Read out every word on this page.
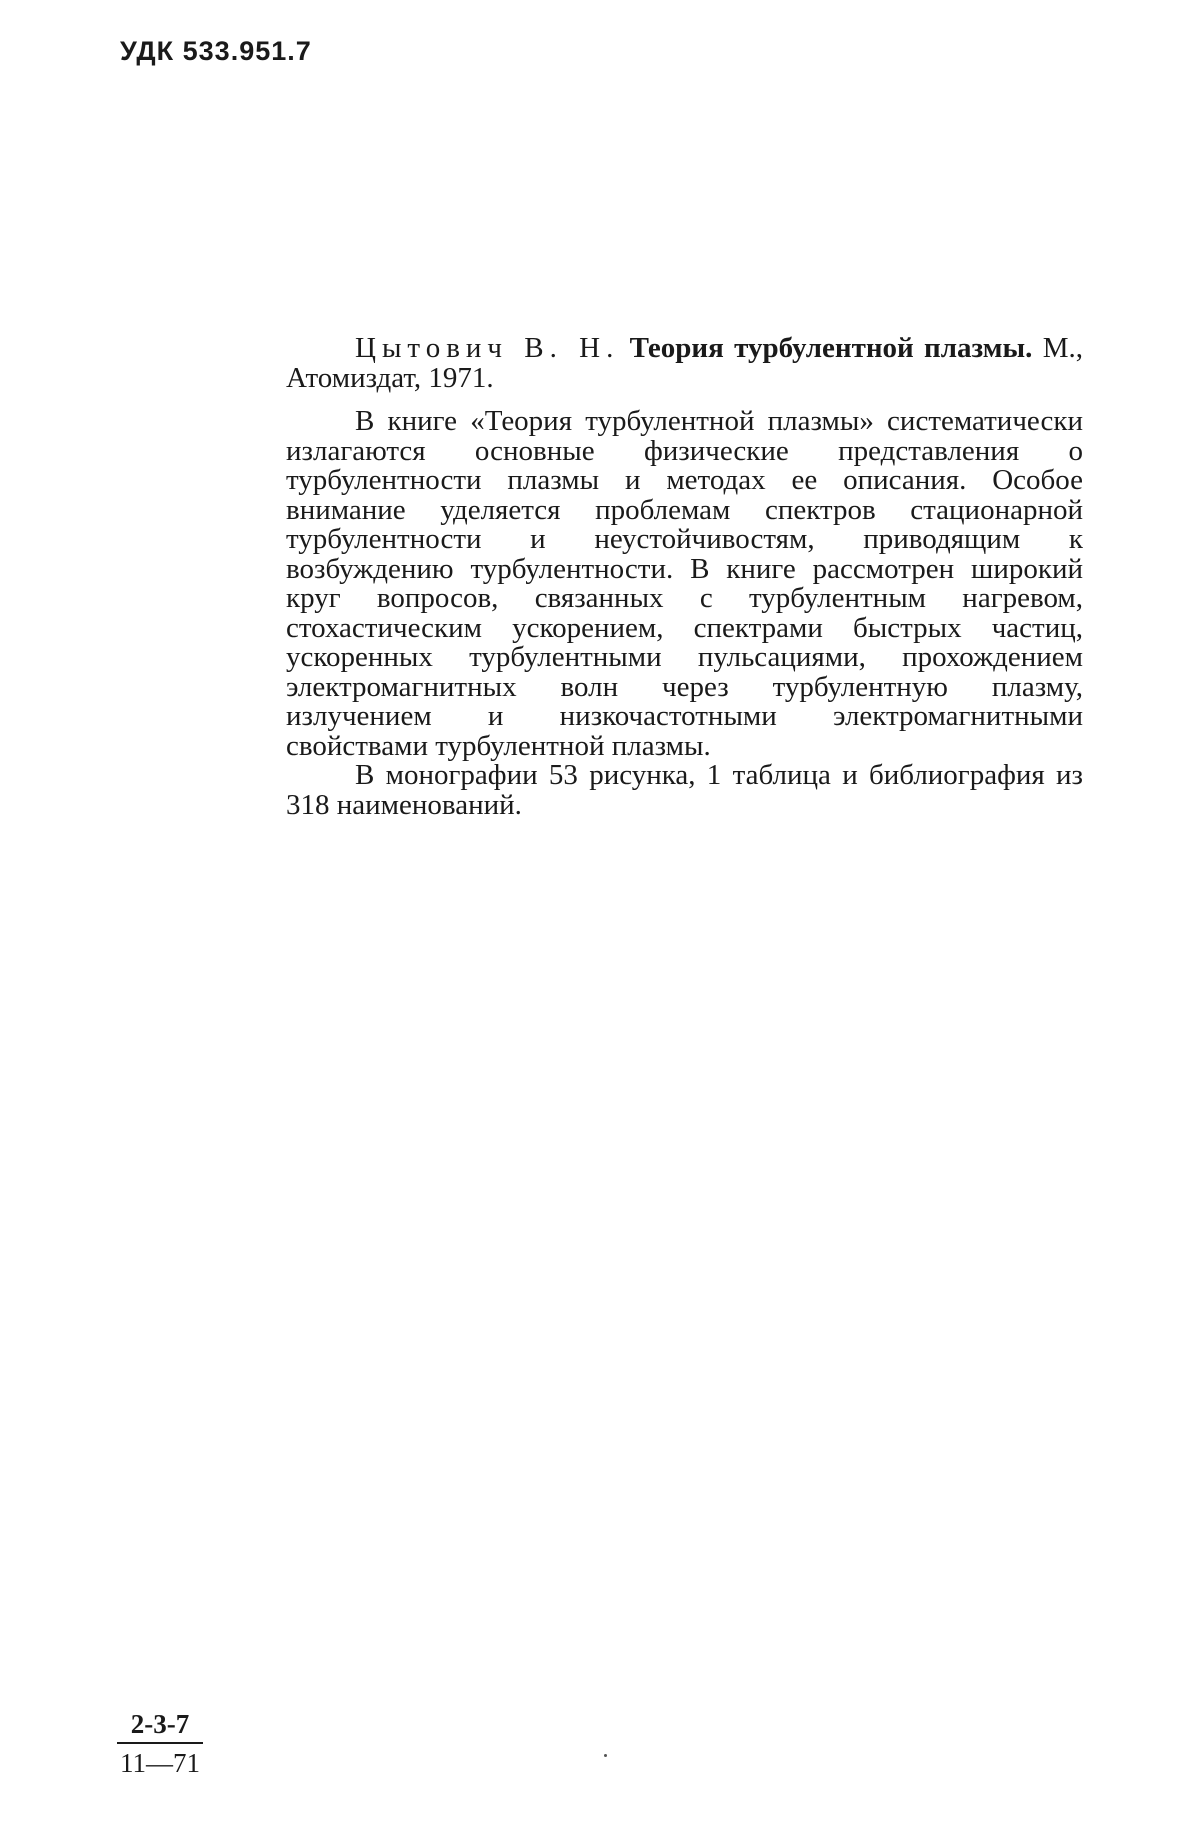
УДК 533.951.7

Цытович В. Н. Теория турбулентной плазмы. М., Атомиздат, 1971.

В книге «Теория турбулентной плазмы» систематически излагаются основные физические представления о турбулентности плазмы и методах ее описания. Особое внимание уделяется проблемам спектров стационарной турбулентности и неустойчивостям, приводящим к возбуждению турбулентности. В книге рассмотрен широкий круг вопросов, связанных с турбулентным нагревом, стохастическим ускорением, спектрами быстрых частиц, ускоренных турбулентными пульсациями, прохождением электромагнитных волн через турбулентную плазму, излучением и низкочастотными электромагнитными свойствами турбулентной плазмы.

В монографии 53 рисунка, 1 таблица и библиография из 318 наименований.

$\frac{2-3-7}{11—71}$
